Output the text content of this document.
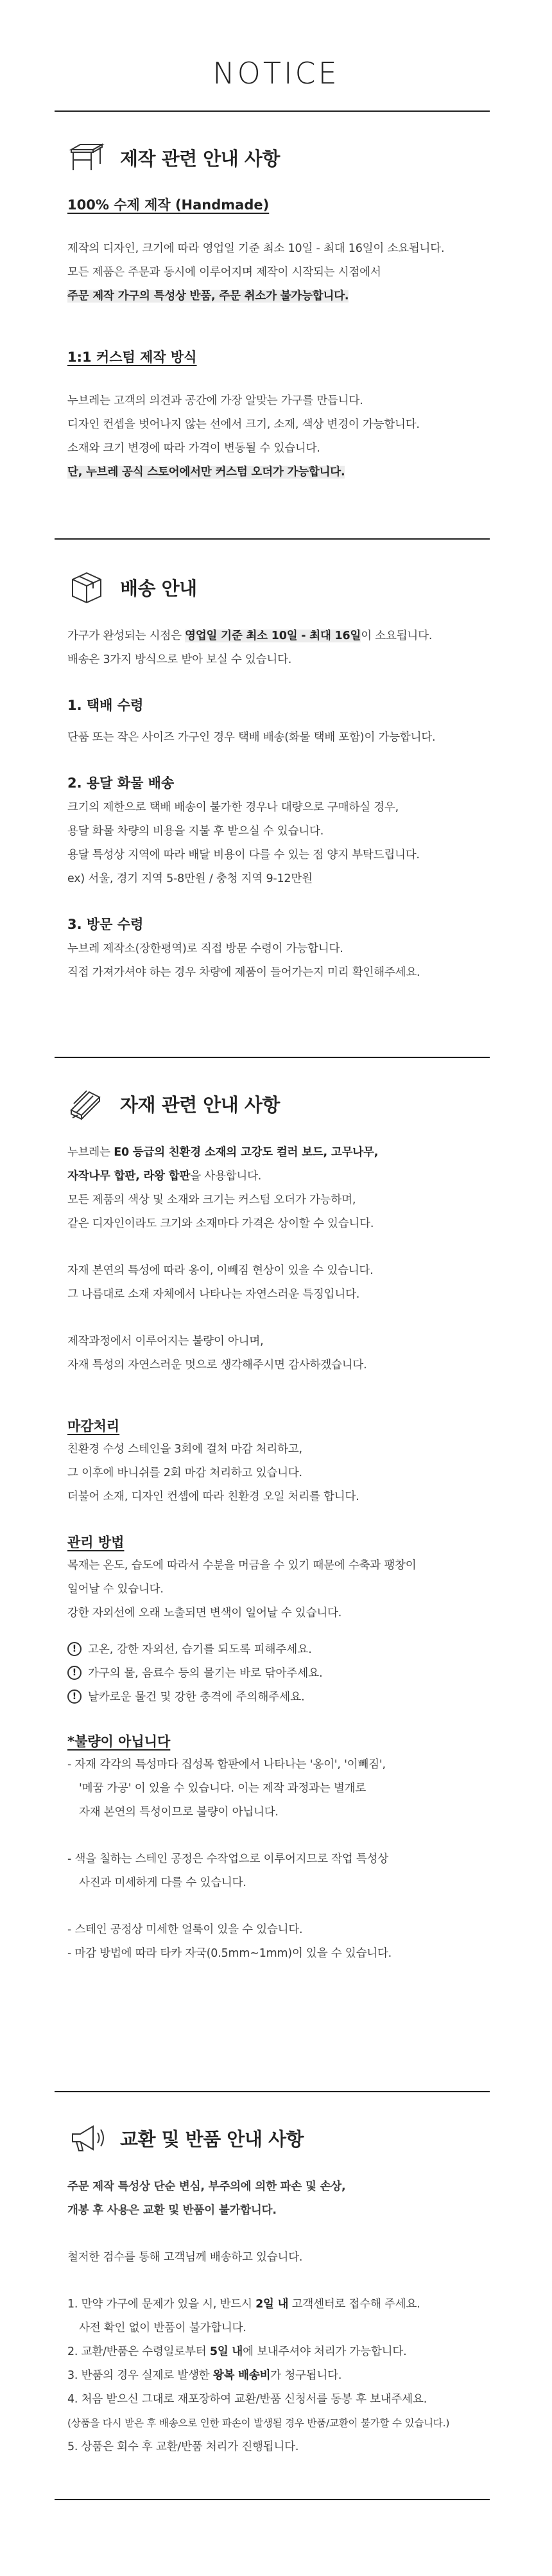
NOTICE
제작 관련 안내 사항
100% 수제 제작 (Handmade)

제작의 디자인, 크기에 따라 영업일 기준 최소 10일 - 최대 16일이 소요됩니다.

모든 제품은 주문과 동시에 이루어지며 제작이 시작되는 시점에서

주문 제작 가구의 특성상 반품, 주문 취소가 불가능합니다.

1:1 커스텀 제작 방식

누브레는 고객의 의견과 공간에 가장 알맞는 가구를 만듭니다.

디자인 컨셉을 벗어나지 않는 선에서 크기, 소재, 색상 변경이 가능합니다.

소재와 크기 변경에 따라 가격이 변동될 수 있습니다.

단, 누브레 공식 스토어에서만 커스텀 오더가 가능합니다.

배송 안내

가구가 완성되는 시점은 영업일 기준 최소 10일 - 최대 16일이 소요됩니다.

배송은 3가지 방식으로 받아 보실 수 있습니다.

1. 택배 수령

단품 또는 작은 사이즈 가구인 경우 택배 배송(화물 택배 포함)이 가능합니다.

2. 용달 화물 배송

크기의 제한으로 택배 배송이 불가한 경우나 대량으로 구매하실 경우,

용달 화물 차량의 비용을 지불 후 받으실 수 있습니다.

용달 특성상 지역에 따라 배달 비용이 다를 수 있는 점 양지 부탁드립니다.

ex) 서울, 경기 지역 5-8만원 / 충청 지역 9-12만원

3. 방문 수령

누브레 제작소(장한평역)로 직접 방문 수령이 가능합니다.

직접 가져가셔야 하는 경우 차량에 제품이 들어가는지 미리 확인해주세요.

자재 관련 안내 사항

누브레는 E0 등급의 친환경 소재의 고강도 컬러 보드, 고무나무,

자작나무 합판, 라왕 합판을 사용합니다.

모든 제품의 색상 및 소재와 크기는 커스텀 오더가 가능하며,

같은 디자인이라도 크기와 소재마다 가격은 상이할 수 있습니다.

자재 본연의 특성에 따라 옹이, 이빼짐 현상이 있을 수 있습니다.

그 나름대로 소재 자체에서 나타나는 자연스러운 특징입니다.

제작과정에서 이루어지는 불량이 아니며,

자재 특성의 자연스러운 멋으로 생각해주시면 감사하겠습니다.

마감처리

친환경 수성 스테인을 3회에 걸쳐 마감 처리하고,

그 이후에 바니쉬를 2회 마감 처리하고 있습니다.

더불어 소재, 디자인 컨셉에 따라 친환경 오일 처리를 합니다.

관리 방법

목재는 온도, 습도에 따라서 수분을 머금을 수 있기 때문에 수축과 팽창이

일어날 수 있습니다.

강한 자외선에 오래 노출되면 변색이 일어날 수 있습니다.

!	고온, 강한 자외선, 습기를 되도록 피해주세요.
!	가구의 물, 음료수 등의 물기는 바로 닦아주세요.
!	날카로운 물건 및 강한 충격에 주의해주세요.
*불량이 아닙니다

- 자재 각각의 특성마다 집성목 합판에서 나타나는 '옹이', '이빼짐',

'메꿈 가공' 이 있을 수 있습니다. 이는 제작 과정과는 별개로

자재 본연의 특성이므로 불량이 아닙니다.

- 색을 칠하는 스테인 공정은 수작업으로 이루어지므로 작업 특성상

사진과 미세하게 다를 수 있습니다.

- 스테인 공정상 미세한 얼룩이 있을 수 있습니다.

- 마감 방법에 따라 타카 자국(0.5mm~1mm)이 있을 수 있습니다.

교환 및 반품 안내 사항

주문 제작 특성상 단순 변심, 부주의에 의한 파손 및 손상,

개봉 후 사용은 교환 및 반품이 불가합니다.

철저한 검수를 통해 고객님께 배송하고 있습니다.

1. 만약 가구에 문제가 있을 시, 반드시 2일 내 고객센터로 접수해 주세요.

사전 확인 없이 반품이 불가합니다.

2. 교환/반품은 수령일로부터 5일 내에 보내주셔야 처리가 가능합니다.

3. 반품의 경우 실제로 발생한 왕복 배송비가 청구됩니다.

4. 처음 받으신 그대로 재포장하여 교환/반품 신청서를 동봉 후 보내주세요.

(상품을 다시 받은 후 배송으로 인한 파손이 발생될 경우 반품/교환이 불가할 수 있습니다.)

5. 상품은 회수 후 교환/반품 처리가 진행됩니다.
